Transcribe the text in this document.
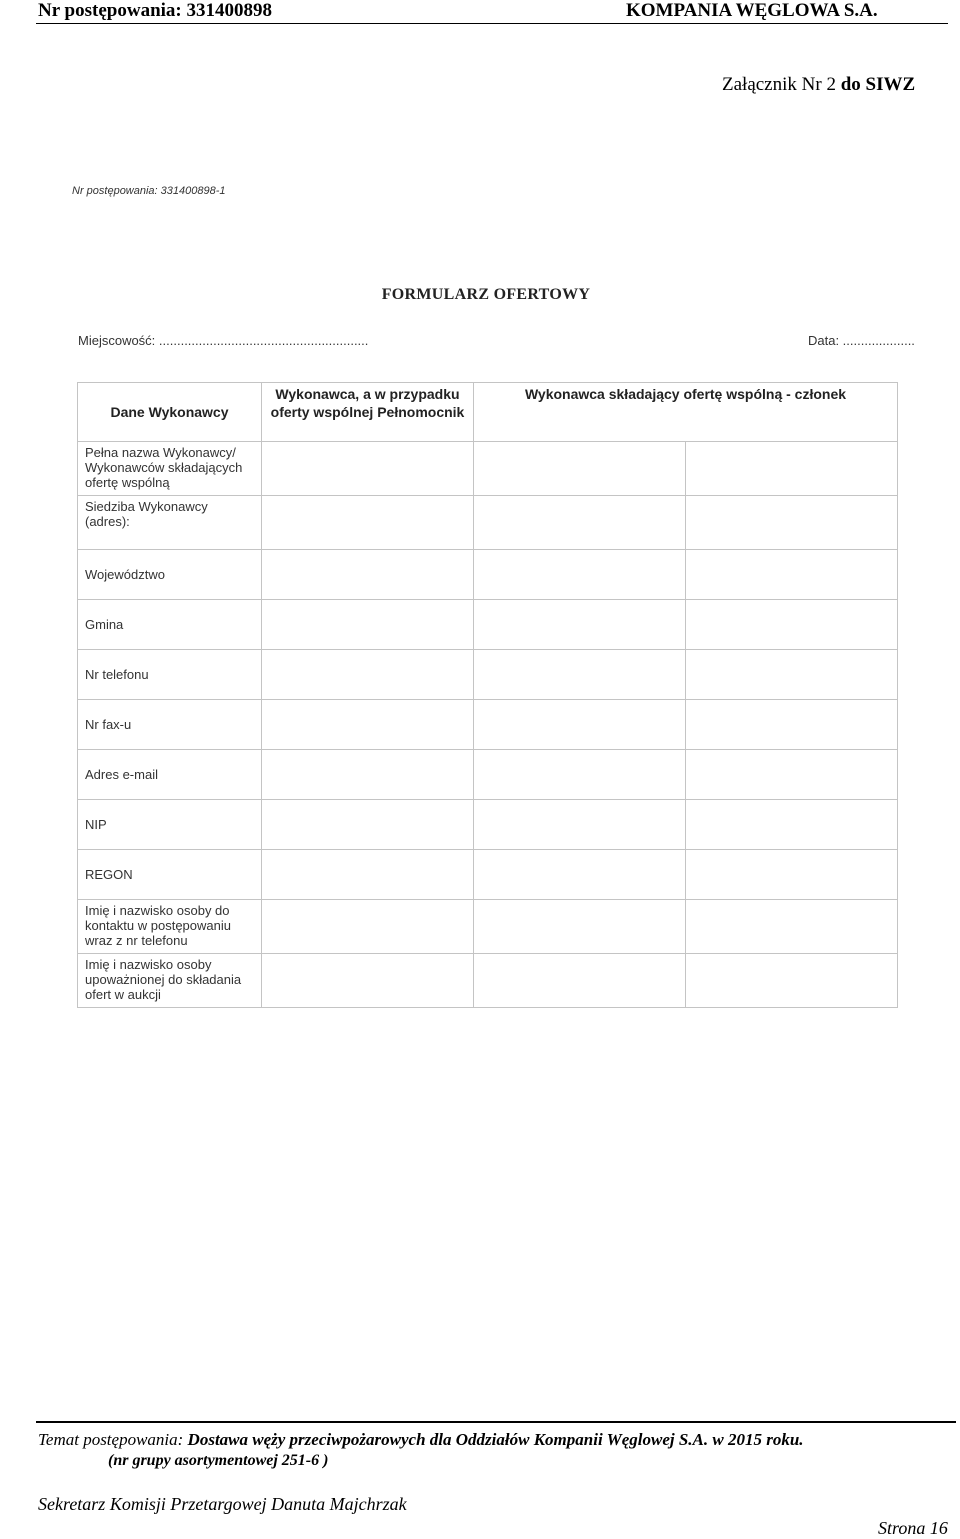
Nr postępowania: 331400898	KOMPANIA WĘGLOWA S.A.
Załącznik Nr 2 do SIWZ
Nr postępowania: 331400898-1
FORMULARZ OFERTOWY
Miejscowość: ..........................................................	Data: ....................
Dane Wykonawcy	Wykonawca, a w przypadku oferty wspólnej Pełnomocnik	Wykonawca składający ofertę wspólną - członek	
Pełna nazwa Wykonawcy/ Wykonawców składających ofertę wspólną			
Siedziba Wykonawcy (adres):			
Województwo			
Gmina			
Nr telefonu			
Nr fax-u			
Adres e-mail			
NIP			
REGON			
Imię i nazwisko osoby do kontaktu w postępowaniu wraz z nr telefonu			
Imię i nazwisko osoby upoważnionej do składania ofert w aukcji			
Temat postępowania: Dostawa węży przeciwpożarowych dla Oddziałów Kompanii Węglowej S.A. w 2015 roku.
(nr grupy asortymentowej 251-6 )
Sekretarz Komisji Przetargowej Danuta Majchrzak
Strona 16
